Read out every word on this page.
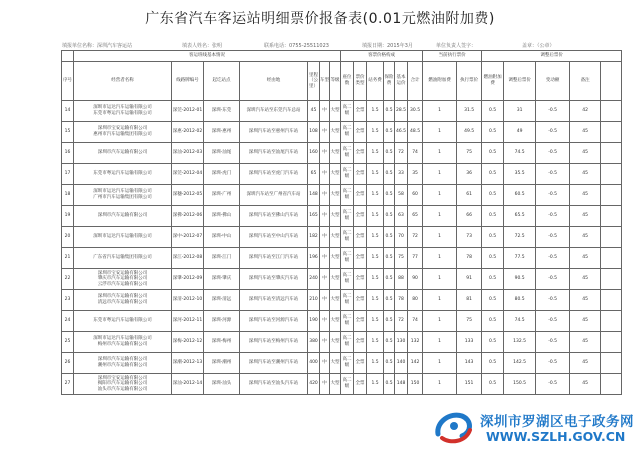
广东省汽车客运站明细票价报备表(0.01元燃油附加费)
填报单位名称：深圳汽车客运站	填表人姓名：张明	联系电话：0755-25511023	填报日期：2015年3月	单位负责人签字：	盖章：（公章）
	客运班线基本情况							客票价格构成						当前执行票价		调整后票价				
序号	经营者名称	线路牌编号	起讫站点	经由地	里程（公里）	车型	等级	座位数	票价类型	站务费	保险费	基本运价	合计	燃油附加费	执行票价	燃油附加费	调整后票价	变动额	备注	
14	深圳市运达汽车运输有限公司
东莞市粤运汽车运输有限公司	深莞-2012-01	深圳-东莞	深圳汽车站至东莞汽车总站	45	中	大型	高二级	全票	1.5	0.5	28.5	30.5	1	31.5	0.5	31	-0.5	42	
15	深圳市宝安运输有限公司
惠州市汽车运输集团有限公司	深惠-2012-02	深圳-惠州	深圳汽车站至惠州汽车站	108	中	大型	高二级	全票	1.5	0.5	46.5	48.5	1	49.5	0.5	49	-0.5	45	
16	深圳市汽车运输有限公司	深汕-2012-03	深圳-汕尾	深圳汽车站至汕尾汽车站	160	中	大型	高二级	全票	1.5	0.5	72	74	1	75	0.5	74.5	-0.5	45	
17	东莞市粤运汽车运输有限公司	深莞-2012-04	深圳-虎门	深圳汽车站至虎门汽车站	65	中	大型	高二级	全票	1.5	0.5	33	35	1	36	0.5	35.5	-0.5	45	
18	深圳市运达汽车运输有限公司
广州市汽车运输集团有限公司	深穗-2012-05	深圳-广州	深圳汽车站至广州省汽车站	148	中	大型	高二级	全票	1.5	0.5	58	60	1	61	0.5	60.5	-0.5	45	
19	深圳市汽车运输有限公司	深佛-2012-06	深圳-佛山	深圳汽车站至佛山汽车站	165	中	大型	高二级	全票	1.5	0.5	63	65	1	66	0.5	65.5	-0.5	45	
20	深圳市运达汽车运输有限公司	深中-2012-07	深圳-中山	深圳汽车站至中山汽车站	182	中	大型	高二级	全票	1.5	0.5	70	72	1	73	0.5	72.5	-0.5	45	
21	广东省汽车运输集团有限公司	深江-2012-08	深圳-江门	深圳汽车站至江门汽车站	196	中	大型	高二级	全票	1.5	0.5	75	77	1	78	0.5	77.5	-0.5	45	
22	深圳市宝安运输有限公司
肇庆市汽车运输有限公司
云浮市汽车运输有限公司	深肇-2012-09	深圳-肇庆	深圳汽车站至肇庆汽车站	240	中	大型	高二级	全票	1.5	0.5	88	90	1	91	0.5	90.5	-0.5	45	
23	深圳市汽车运输有限公司
清远市汽车运输有限公司	深清-2012-10	深圳-清远	深圳汽车站至清远汽车站	210	中	大型	高二级	全票	1.5	0.5	78	80	1	81	0.5	80.5	-0.5	45	
24	东莞市粤运汽车运输有限公司	深河-2012-11	深圳-河源	深圳汽车站至河源汽车站	190	中	大型	高二级	全票	1.5	0.5	72	74	1	75	0.5	74.5	-0.5	45	
25	深圳市运达汽车运输有限公司
梅州市汽车运输有限公司	深梅-2012-12	深圳-梅州	深圳汽车站至梅州汽车站	380	中	大型	高二级	全票	1.5	0.5	130	132	1	133	0.5	132.5	-0.5	45	
26	深圳市汽车运输有限公司
潮州市汽车运输有限公司	深潮-2012-13	深圳-潮州	深圳汽车站至潮州汽车站	400	中	大型	高二级	全票	1.5	0.5	140	142	1	143	0.5	142.5	-0.5	45	
27	深圳市宝安运输有限公司
揭阳市汽车运输有限公司
汕头市汽车运输有限公司	深汕-2012-14	深圳-汕头	深圳汽车站至汕头汽车站	420	中	大型	高二级	全票	1.5	0.5	148	150	1	151	0.5	150.5	-0.5	45	
深圳市罗湖区电子政务网
WWW.SZLH.GOV.CN
